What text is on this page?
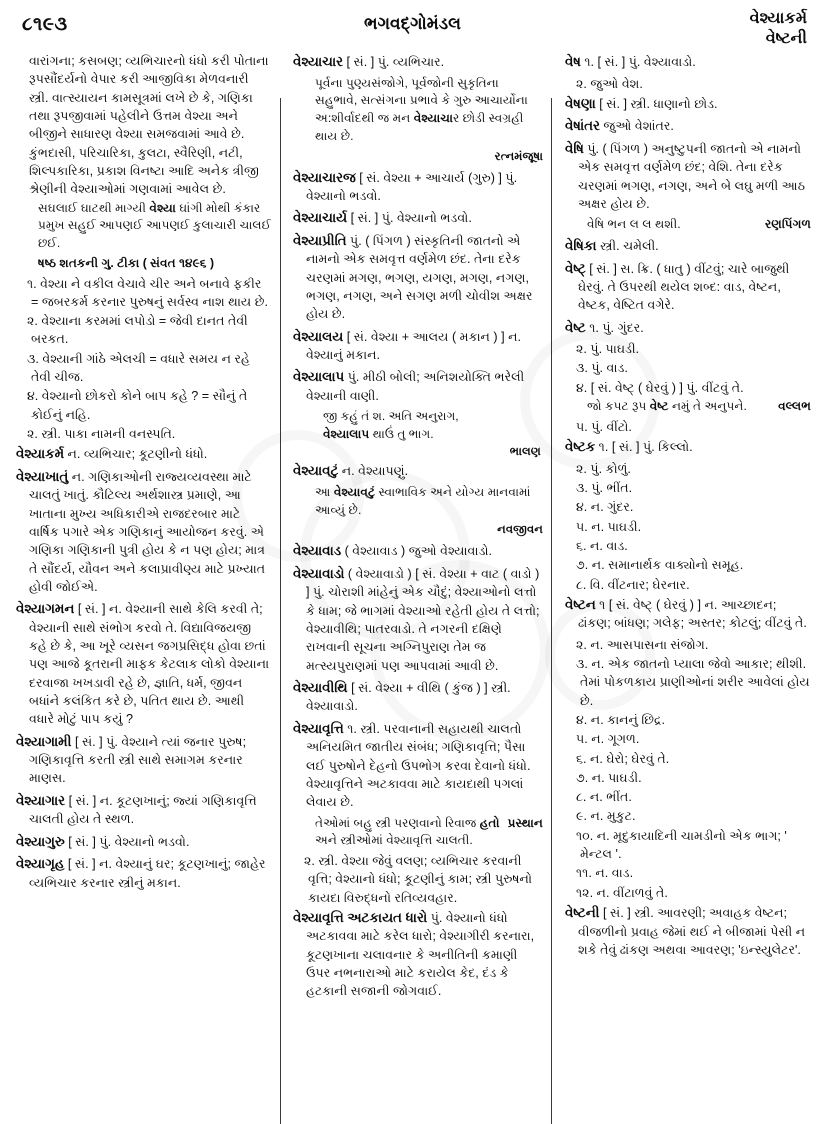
૮૧૯૩	ભગવદ્‌ગોમંડલ	વેશ્યાકર્મ
વેષ્ટની

વારાંગના; કસબણ; વ્યભિચારનો ધંધો કરી પોતાના રૂપસૌંદર્યનો વેપાર કરી આજીવિકા મેળવનારી સ્ત્રી. વાત્સ્યાયન કામસૂત્રમાં લખે છે કે, ગણિકા તથા રૂપજીવામાં પહેલીને ઉત્તમ વેશ્યા અને બીજીને સાધારણ વેશ્યા સમજવામાં આવે છે. કુંભદાસી, પરિચારિકા, કુલટા, સ્વૈરિણી, નટી, શિલ્પકારિકા, પ્રકાશ વિનષ્ટા આદિ અનેક ત્રીજી શ્રેણીની વેશ્યાઓમાં ગણવામાં આવેલ છે.

સઘલાઈ ઘાટથી માગ્યી વેશ્યા ઘાંગી મોથી કંકાર પ્રમુખ સહુઈ આપણઈ આપણઈ કુલાચારી ચાલઈ છઈ.

ષષ્ઠ શતકની ગુ. ટીકા ( સંવત ૧૪૯૬ )

૧. વેશ્યા ને વકીલ વેચાવે ચીર અને બનાવે ફકીર = જબરકર્મ કરનાર પુરુષનું સર્વસ્વ નાશ થાય છે.

૨. વેશ્યાના કરમમાં લપોડો = જેવી દાનત તેવી બરકત.

૩. વેશ્યાની ગાંઠે એલચી = વધારે સમય ન રહે તેવી ચીજ.

૪. વેશ્યાનો છોકરો કોને બાપ કહે ? = સૌનું તે કોઈનું નહિ.

૨. સ્ત્રી. પાકા નામની વનસ્પતિ.

વેશ્યાકર્મ ન. વ્યભિચાર; કૂટણીનો ધંધો.

વેશ્યાખાતું ન. ગણિકાઓની રાજ્યવ્યવસ્થા માટે ચાલતું ખાતું. કૌટિલ્ય અર્થશાસ્ત્ર પ્રમાણે, આ ખાતાના મુખ્ય અધિકારીએ રાજદરબાર માટે વાર્ષિક પગારે એક ગણિકાનું આયોજન કરવું. એ ગણિકા ગણિકાની પુત્રી હોય કે ન પણ હોય; માત્ર તે સૌંદર્ય, યૌવન અને કલાપ્રાવીણ્ય માટે પ્રખ્યાત હોવી જોઈએ.

વેશ્યાગમન [ સં. ] ન. વેશ્યાની સાથે કેલિ કરવી તે; વેશ્યાની સાથે સંભોગ કરવો તે. વિદ્યાવિજયજી કહે છે કે, આ ખૂરે વ્યસન જગપ્રસિદ્ધ હોવા છતાં પણ આજે કૂતરાની માફક કેટલાક લોકો વેશ્યાના દરવાજા ખખડાવી રહે છે, જ્ઞાતિ, ધર્મ, જીવન બધાંને કલંકિત કરે છે, પતિત થાય છે. આથી વધારે મોટું પાપ કયું ?

વેશ્યાગામી [ સં. ] પું. વેશ્યાને ત્યાં જનાર પુરુષ; ગણિકાવૃત્તિ કરતી સ્ત્રી સાથે સમાગમ કરનાર માણસ.

વેશ્યાગાર [ સં. ] ન. કૂટણખાનું; જ્યાં ગણિકાવૃત્તિ ચાલતી હોય તે સ્થળ.

વેશ્યાગુરુ [ સં. ] પું. વેશ્યાનો ભડવો.

વેશ્યાગૃહ [ સં. ] ન. વેશ્યાનું ઘર; કૂટણખાનું; જાહેર વ્યભિચાર કરનાર સ્ત્રીનું મકાન.

વેશ્યાચાર [ સં. ] પું. વ્યભિચાર.

પૂર્વના પુણ્યસંજોગે, પૂર્વજોની સુકૃતિના સહુભાવે, સત્સંગના પ્રભાવે કે ગુરુ આચાર્યોના અ:શીર્વાદથી જ મન વેશ્યાચાર છોડી સ્વગ્રહી થાય છે.

રત્નમંજૂષા

વેશ્યાચારજ [ સં. વેશ્યા + આચાર્ય (ગુરુ) ] પું. વેશ્યાનો ભડવો.

વેશ્યાચાર્ય [ સં. ] પું. વેશ્યાનો ભડવો.

વેશ્યાપ્રીતિ પું. ( પિંગળ ) સંસ્કૃતિની જાતનો એ નામનો એક સમવૃત્ત વર્ણમેળ છંદ. તેના દરેક ચરણમાં મગણ, ભગણ, યગણ, મગણ, નગણ, ભગણ, નગણ, અને સગણ મળી ચોવીશ અક્ષર હોય છે.

વેશ્યાલય [ સં. વેશ્યા + આલય ( મકાન ) ] ન. વેશ્યાનું મકાન.

વેશ્યાલાપ પું. મીઠી બોલી; અનિશયોક્તિ ભરેલી વેશ્યાની વાણી.

જી કહું તં શ. અતિ અનુરાગ,
વેશ્યાલાપ થાઉં તુ ભાગ.
ભાલણ

વેશ્યાવટું ન. વેશ્યાપણું.

આ વેશ્યાવટું સ્વાભાવિક અને યોગ્ય માનવામાં આવ્યું છે.

નવજીવન

વેશ્યાવાડ ( વેશ્યાવાડ ) જુઓ વેશ્યાવાડો.

વેશ્યાવાડો ( વેશ્યાવાડો ) [ સં. વેશ્યા + વાટ ( વાડો ) ] પું. ચોરાશી માંહેનું એક ચૌદું; વેશ્યાઓનો લત્તો કે ધામ; જે ભાગમાં વેશ્યાઓ રહેતી હોય તે લત્તો; વેશ્યાવીથિ; પાતરવાડો. તે નગરની દક્ષિણે રાખવાની સૂચના અગ્નિપુરાણ તેમ જ મત્સ્યપુરાણમાં પણ આપવામાં આવી છે.

વેશ્યાવીથિ [ સં. વેશ્યા + વીથિ ( કુંજ ) ] સ્ત્રી. વેશ્યાવાડો.

વેશ્યાવૃત્તિ ૧. સ્ત્રી. પરવાનાની સહાયથી ચાલતો અનિયમિત જાતીય સંબંધ; ગણિકાવૃત્તિ; પૈસા લઈ પુરુષોને દેહનો ઉપભોગ કરવા દેવાનો ધંધો. વેશ્યાવૃત્તિને અટકાવવા માટે કાયદાથી પગલાં લેવાય છે.

પ્રસ્થાન
તેઓમાં બહુ સ્ત્રી પરણવાનો રિવાજ હતો અને સ્ત્રીઓમાં વેશ્યાવૃત્તિ ચાલતી.

૨. સ્ત્રી. વેશ્યા જેવું વલણ; વ્યભિચાર કરવાની વૃત્તિ; વેશ્યાનો ધંધો; કૂટણીનું કામ; સ્ત્રી પુરુષનો કાયદા વિરુદ્ધનો રતિવ્યવહાર.

વેશ્યાવૃત્તિ અટકાયત ધારો પું. વેશ્યાનો ધંધો અટકાવવા માટે કરેલ ધારો; વેશ્યાગીરી કરનારા, કૂટણખાના ચલાવનાર કે અનીતિની કમાણી ઉપર નભનારાઓ માટે કરાયેલ કેદ, દંડ કે હટકાની સજાની જોગવાઈ.

વેષ ૧. [ સં. ] પું. વેશ્યાવાડો.

૨. જુઓ વેશ.

વેષણા [ સં. ] સ્ત્રી. ધાણાનો છોડ.

વેષાંતર જુઓ વેશાંતર.

વેષિ પું. ( પિંગળ ) અનુષ્ટુપની જાતનો એ નામનો એક સમવૃત્ત વર્ણમેળ છંદ; વેશિ. તેના દરેક ચરણમાં ભગણ, નગણ, અને બે લઘુ મળી આઠ અક્ષર હોય છે.

રણપિંગળ
વેષિ ભન લ લ થશી.

વેષિકા સ્ત્રી. ચમેલી.

વેષ્ટ્ [ સં. ] સ. ક્રિ. ( ધાતુ ) વીંટવું; ચારે બાજુથી ઘેરવું. તે ઉપરથી થયેલ શબ્દ: વાડ, વેષ્ટન, વેષ્ટક, વેષ્ટિત વગેરે.

વેષ્ટ ૧. પું. ગુંદર.

૨. પું. પાઘડી.

૩. પું. વાડ.

૪. [ સં. વેષ્ટ્ ( ઘેરવું ) ] પું. વીંટવું તે.

વલ્લભ
જો કપટ રૂપ વેષ્ટ નમું તે અનુપને.

૫. પું. વીંટો.

વેષ્ટક ૧. [ સં. ] પું. કિલ્લો.

૨. પું. કોળું.

૩. પું. ભીંત.

૪. ન. ગુંદર.

૫. ન. પાઘડી.

૬. ન. વાડ.

૭. ન. સમાનાર્થક વાક્યોનો સમૂહ.

૮. વિ. વીંટનાર; ઘેરનાર.

વેષ્ટન ૧ [ સં. વેષ્ટ્ ( ઘેરવું ) ] ન. આચ્છાદન; ઢાંકણ; બાંધણ; ગલેફ; અસ્તર; કોટલું; વીંટવું તે.

૨. ન. આસપાસના સંજોગ.

૩. ન. એક જાતનો પ્યાલા જેવો આકાર; થીશી. તેમાં પોકળકાય પ્રાણીઓનાં શરીર આવેલાં હોય છે.

૪. ન. કાનનું છિદ્ર.

૫. ન. ગૂગળ.

૬. ન. ઘેરો; ઘેરવું તે.

૭. ન. પાઘડી.

૮. ન. ભીંત.

૯. ન. મુકુટ.

૧૦. ન. મૃદુકાયાદિની ચામડીનો એક ભાગ; ' મેન્ટલ '.

૧૧. ન. વાડ.

૧૨. ન. વીંટાળવું તે.

વેષ્ટની [ સં. ] સ્ત્રી. આવરણી; અવાહક વેષ્ટન; વીજળીનો પ્રવાહ જેમાં થઈ ને બીજામાં પેસી ન શકે તેવું ઢાંકણ અથવા આવરણ; 'ઇન્સ્યુલેટર'.
